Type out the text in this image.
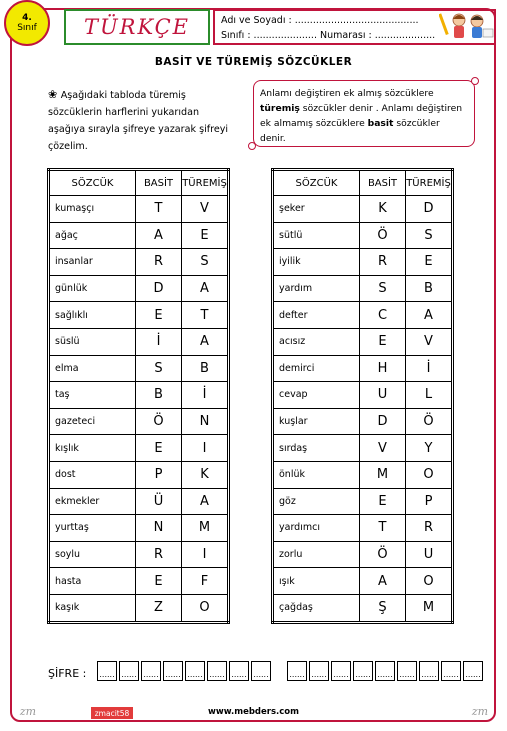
4.
Sınıf	TÜRKÇE	Adı ve Soyadı : .........................................
Sınıfı : ..................... Numarası : ....................
BASİT VE TÜREMİŞ SÖZCÜKLER
❀ Aşağıdaki tabloda türemiş sözcüklerin harflerini yukarıdan aşağıya sırayla şifreye yazarak şifreyi çözelim.
Anlamı değiştiren ek almış sözcüklere türemiş sözcükler denir . Anlamı değiştiren ek almamış sözcüklere basit sözcükler denir.
SÖZCÜK	BASİT	TÜREMİŞ
kumaşçı	T	V
ağaç	A	E
insanlar	R	S
günlük	D	A
sağlıklı	E	T
süslü	İ	A
elma	S	B
taş	B	İ
gazeteci	Ö	N
kışlık	E	I
dost	P	K
ekmekler	Ü	A
yurttaş	N	M
soylu	R	I
hasta	E	F
kaşık	Z	O
SÖZCÜK	BASİT	TÜREMİŞ
şeker	K	D
sütlü	Ö	S
iyilik	R	E
yardım	S	B
defter	C	A
acısız	E	V
demirci	H	İ
cevap	U	L
kuşlar	D	Ö
sırdaş	V	Y
önlük	M	O
göz	E	P
yardımcı	T	R
zorlu	Ö	U
ışık	A	O
çağdaş	Ş	M
ŞİFRE : ...... ...... ...... ...... ...... ...... ...... ......	...... ...... ...... ...... ...... ...... ...... ...... ......
zm	zmacit58	www.mebders.com	zm
